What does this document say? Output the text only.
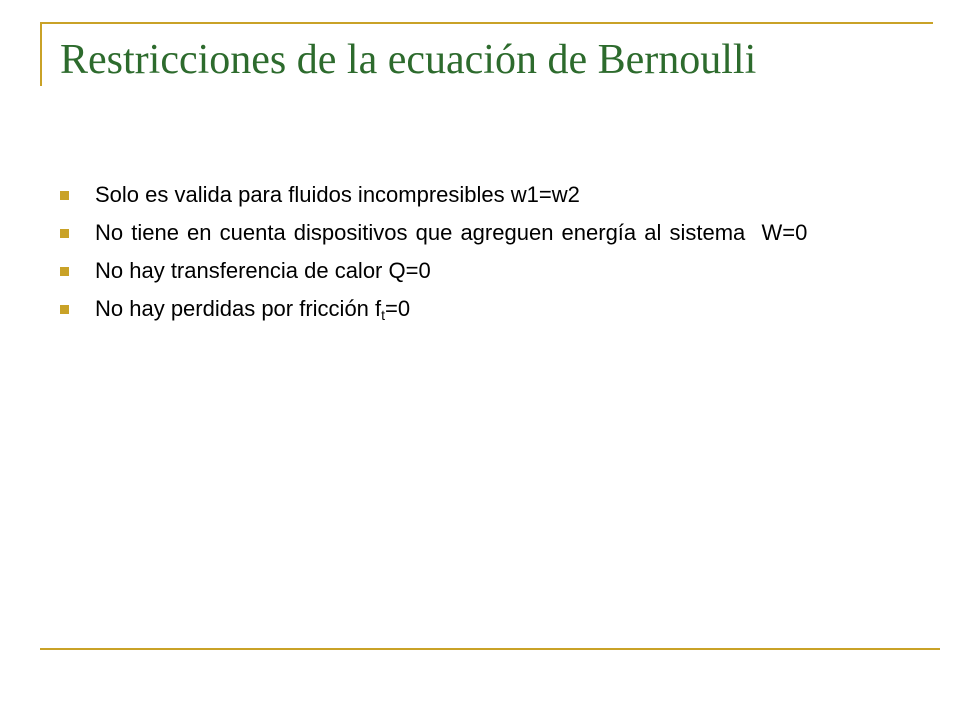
Restricciones de la ecuación de Bernoulli
Solo es valida para fluidos incompresibles w1=w2
No tiene en cuenta dispositivos que agreguen energía al sistema  W=0
No hay transferencia de calor Q=0
No hay perdidas por fricción $f_t=0$
